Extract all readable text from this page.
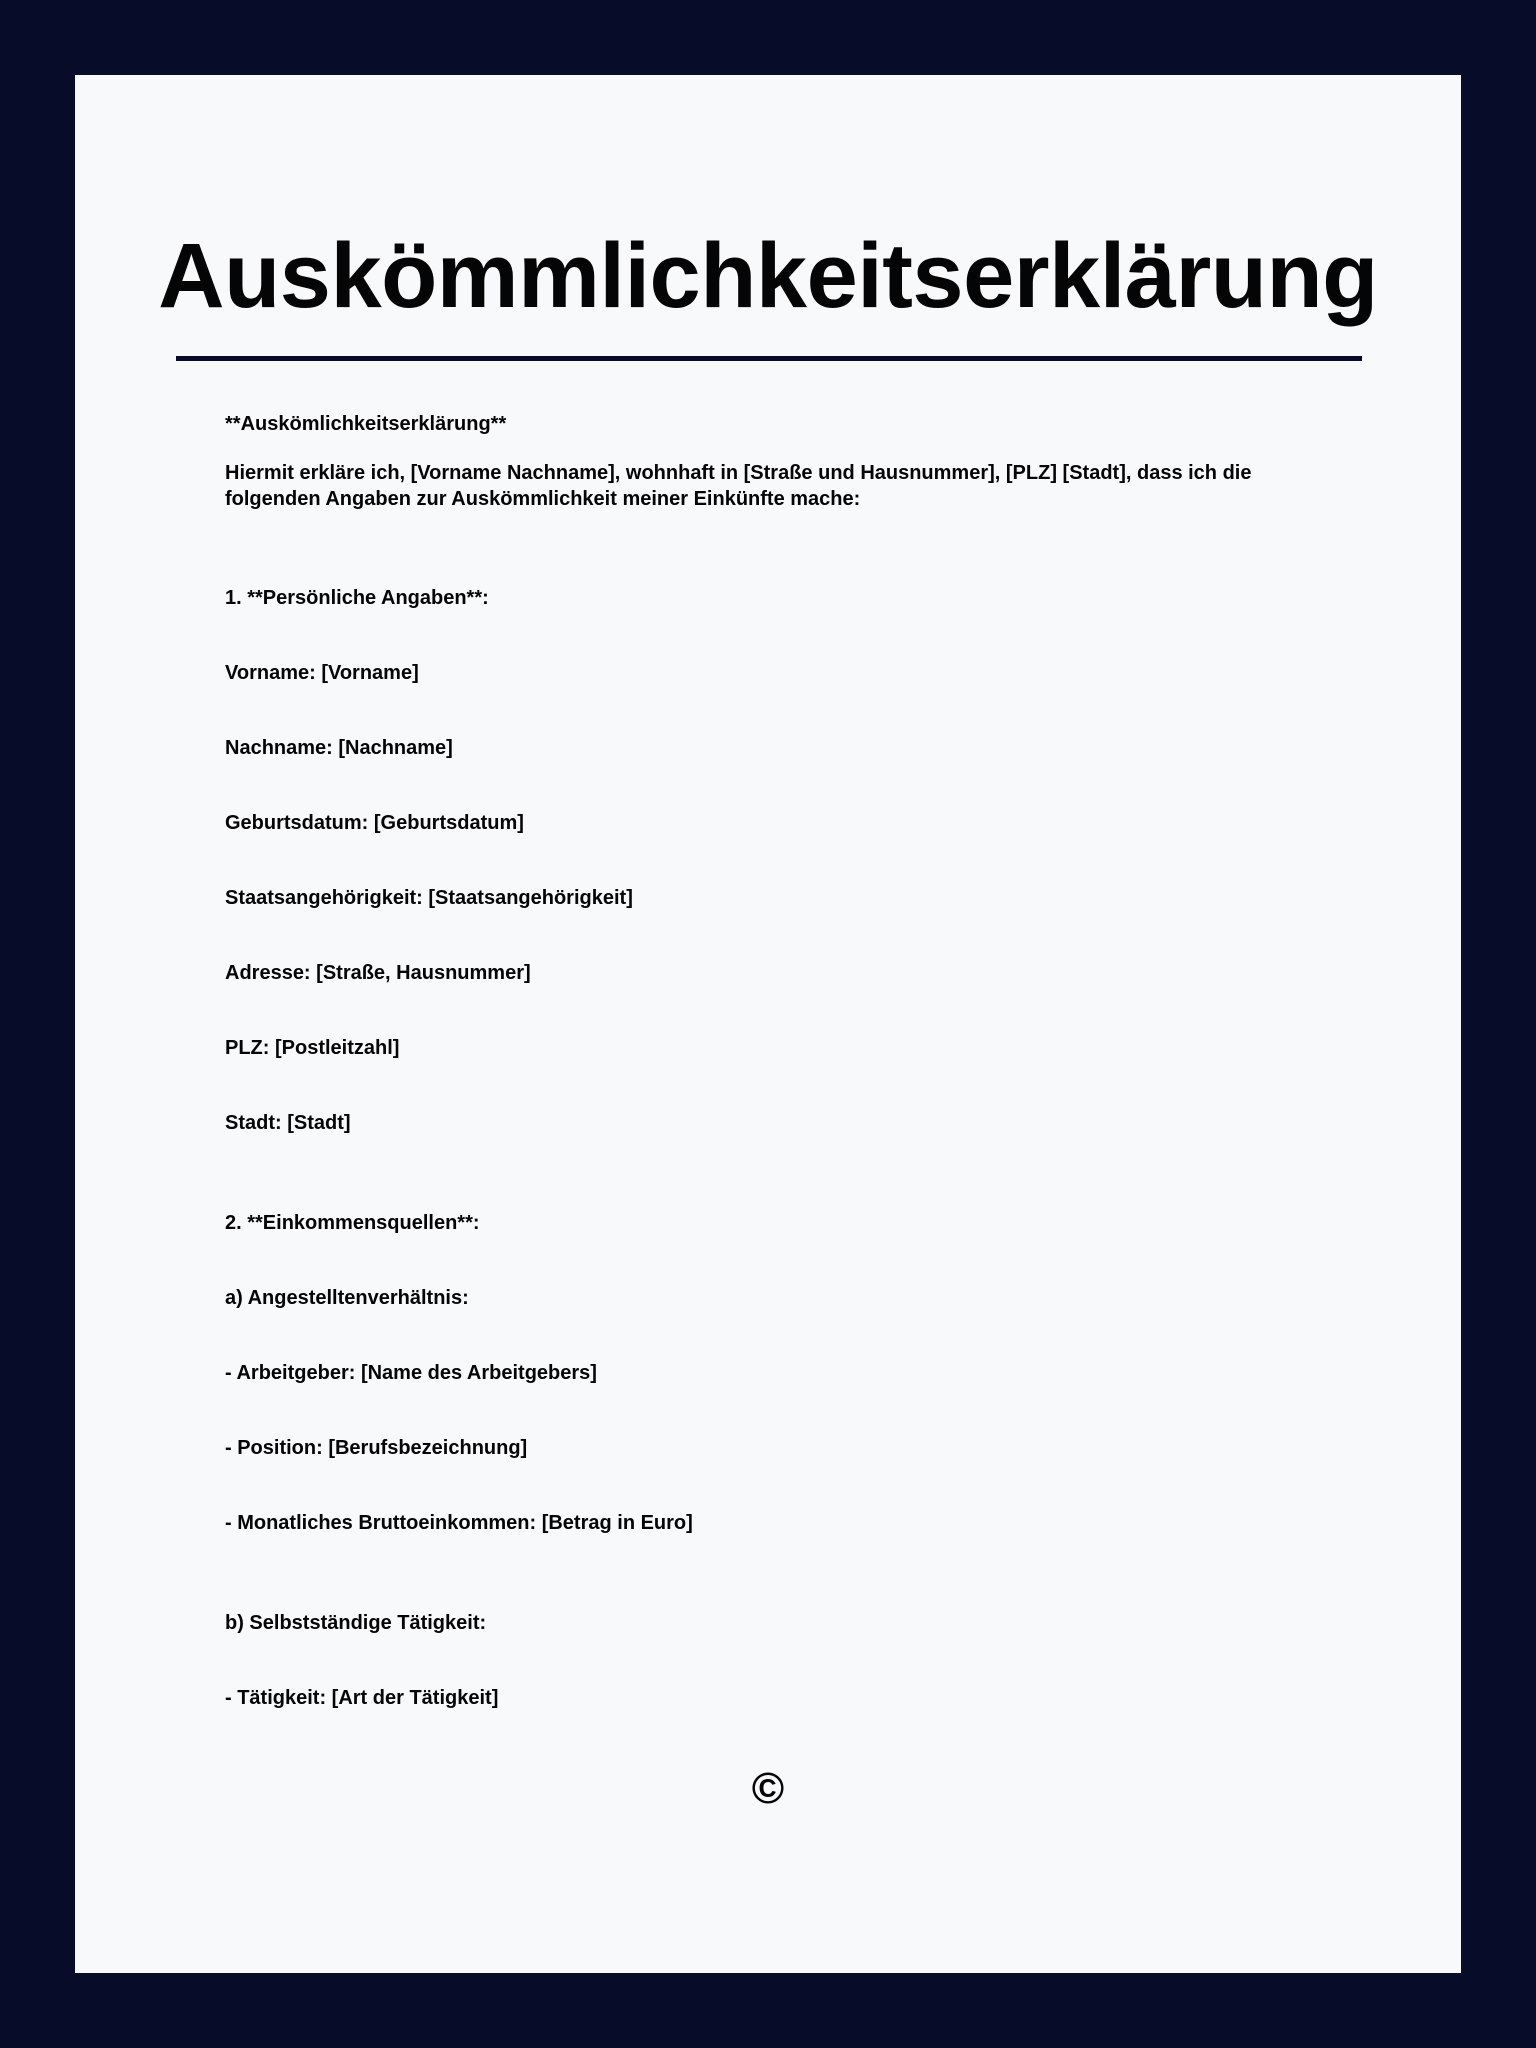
Auskömmlichkeitserklärung
**Auskömlichkeitserklärung**
Hiermit erkläre ich, [Vorname Nachname], wohnhaft in [Straße und Hausnummer], [PLZ] [Stadt], dass ich die folgenden Angaben zur Auskömmlichkeit meiner Einkünfte mache:
1. **Persönliche Angaben**:
Vorname: [Vorname]
Nachname: [Nachname]
Geburtsdatum: [Geburtsdatum]
Staatsangehörigkeit: [Staatsangehörigkeit]
Adresse: [Straße, Hausnummer]
PLZ: [Postleitzahl]
Stadt: [Stadt]
2. **Einkommensquellen**:
a) Angestelltenverhältnis:
- Arbeitgeber: [Name des Arbeitgebers]
- Position: [Berufsbezeichnung]
- Monatliches Bruttoeinkommen: [Betrag in Euro]
b) Selbstständige Tätigkeit:
- Tätigkeit: [Art der Tätigkeit]
©
